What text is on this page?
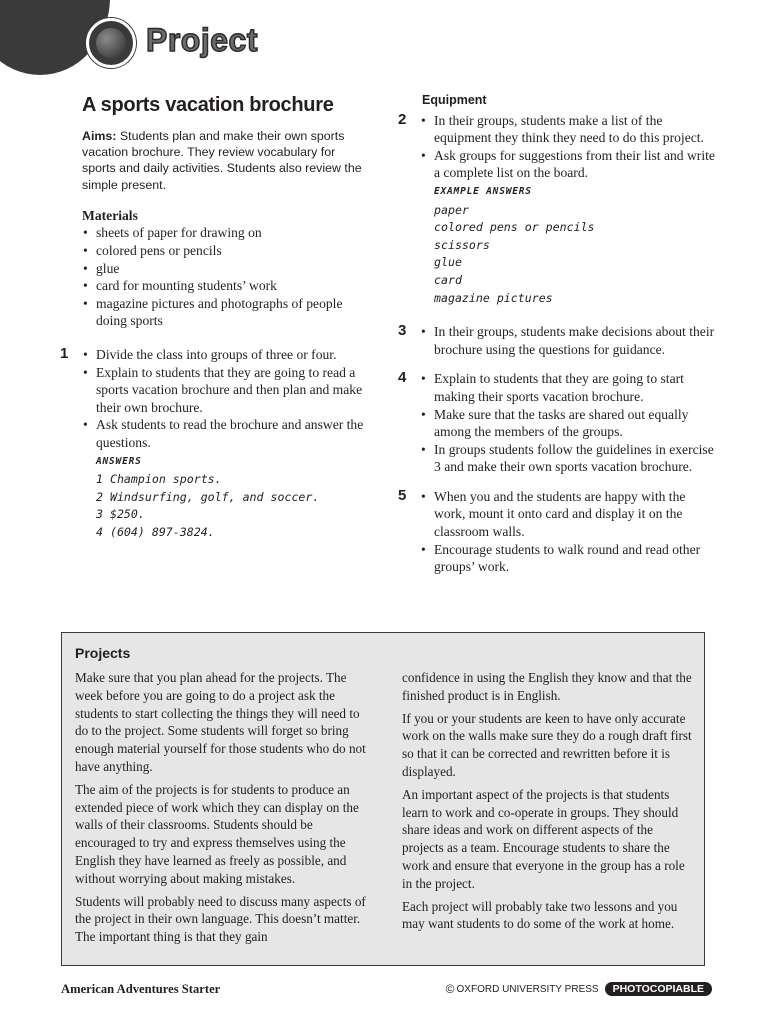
Project
A sports vacation brochure

Aims: Students plan and make their own sports vacation brochure. They review vocabulary for sports and daily activities. Students also review the simple present.

Materials

• sheets of paper for drawing on
• colored pens or pencils
• glue
• card for mounting students’ work
• magazine pictures and photographs of people doing sports
1	• Divide the class into groups of three or four.
• Explain to students that they are going to read a sports vacation brochure and then plan and make their own brochure.
• Ask students to read the brochure and answer the questions.
ANSWERS

1 Champion sports.

2 Windsurfing, golf, and soccer.

3 $250.

4 (604) 897-3824.

Equipment

2	• In their groups, students make a list of the equipment they think they need to do this project.
• Ask groups for suggestions from their list and write a complete list on the board.
EXAMPLE ANSWERS

paper

colored pens or pencils

scissors

glue

card

magazine pictures

3	• In their groups, students make decisions about their brochure using the questions for guidance.
4	• Explain to students that they are going to start making their sports vacation brochure.
• Make sure that the tasks are shared out equally among the members of the groups.
• In groups students follow the guidelines in exercise 3 and make their own sports vacation brochure.
5	• When you and the students are happy with the work, mount it onto card and display it on the classroom walls.
• Encourage students to walk round and read other groups’ work.

Projects

Make sure that you plan ahead for the projects. The week before you are going to do a project ask the students to start collecting the things they will need to do to the project. Some students will forget so bring enough material yourself for those students who do not have anything.

The aim of the projects is for students to produce an extended piece of work which they can display on the walls of their classrooms. Students should be encouraged to try and express themselves using the English they have learned as freely as possible, and without worrying about making mistakes.

Students will probably need to discuss many aspects of the project in their own language. This doesn’t matter. The important thing is that they gain

confidence in using the English they know and that the finished product is in English.

If you or your students are keen to have only accurate work on the walls make sure they do a rough draft first so that it can be corrected and rewritten before it is displayed.

An important aspect of the projects is that students learn to work and co-operate in groups. They should share ideas and work on different aspects of the projects as a team. Encourage students to share the work and ensure that everyone in the group has a role in the project.

Each project will probably take two lessons and you may want students to do some of the work at home.

American Adventures Starter	© OXFORD UNIVERSITY PRESS	PHOTOCOPIABLE
